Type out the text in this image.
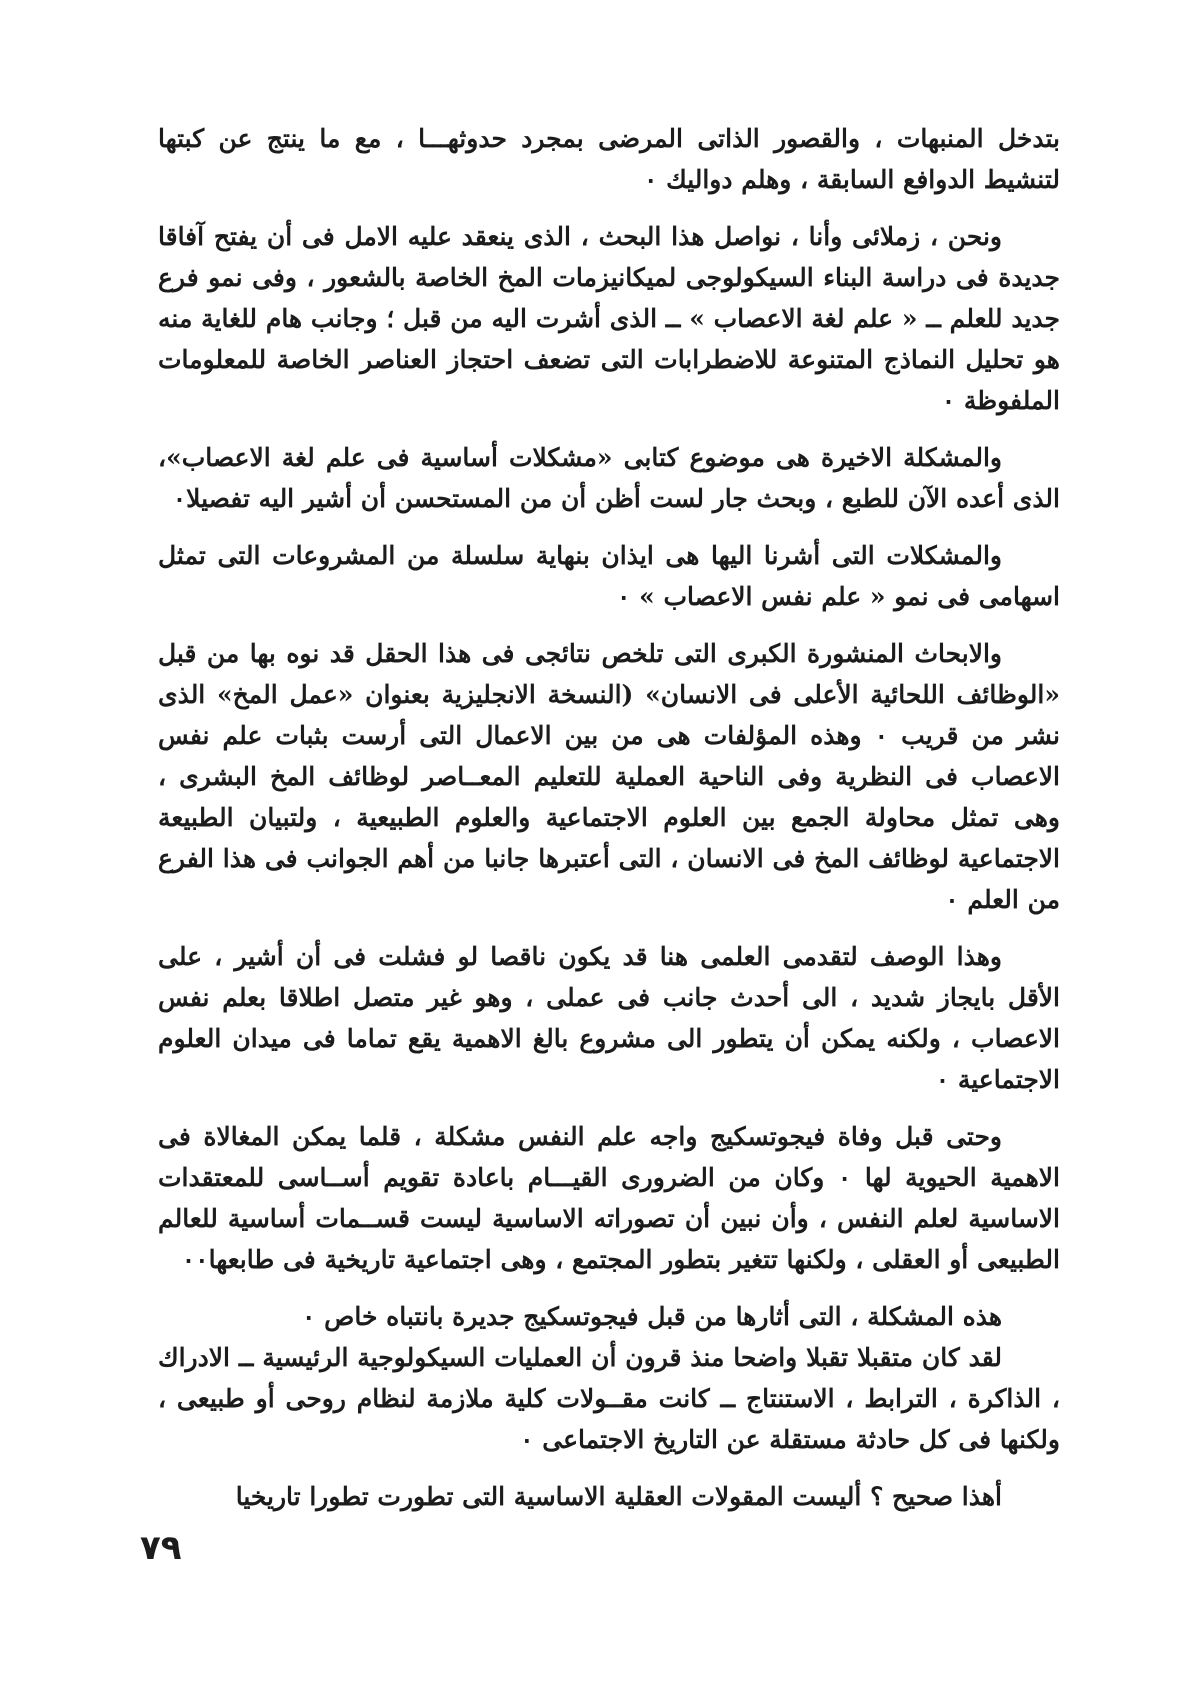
بتدخل المنبهات ، والقصور الذاتى المرضى بمجرد حدوثهـــا ، مع ما ينتج عن كبتها لتنشيط الدوافع السابقة ، وهلم دواليك ٠

ونحن ، زملائى وأنا ، نواصل هذا البحث ، الذى ينعقد عليه الامل فى أن يفتح آفاقا جديدة فى دراسة البناء السيكولوجى لميكانيزمات المخ الخاصة بالشعور ، وفى نمو فرع جديد للعلم ــ « علم لغة الاعصاب » ــ الذى أشرت اليه من قبل ؛ وجانب هام للغاية منه هو تحليل النماذج المتنوعة للاضطرابات التى تضعف احتجاز العناصر الخاصة للمعلومات الملفوظة ٠

والمشكلة الاخيرة هى موضوع كتابى «مشكلات أساسية فى علم لغة الاعصاب»، الذى أعده الآن للطبع ، وبحث جار لست أظن أن من المستحسن أن أشير اليه تفصيلا٠

والمشكلات التى أشرنا اليها هى ايذان بنهاية سلسلة من المشروعات التى تمثل اسهامى فى نمو « علم نفس الاعصاب » ٠

والابحاث المنشورة الكبرى التى تلخص نتائجى فى هذا الحقل قد نوه بها من قبل «الوظائف اللحائية الأعلى فى الانسان» (النسخة الانجليزية بعنوان «عمل المخ» الذى نشر من قريب ٠ وهذه المؤلفات هى من بين الاعمال التى أرست بثبات علم نفس الاعصاب فى النظرية وفى الناحية العملية للتعليم المعــاصر لوظائف المخ البشرى ، وهى تمثل محاولة الجمع بين العلوم الاجتماعية والعلوم الطبيعية ، ولتبيان الطبيعة الاجتماعية لوظائف المخ فى الانسان ، التى أعتبرها جانبا من أهم الجوانب فى هذا الفرع من العلم ٠

وهذا الوصف لتقدمى العلمى هنا قد يكون ناقصا لو فشلت فى أن أشير ، على الأقل بايجاز شديد ، الى أحدث جانب فى عملى ، وهو غير متصل اطلاقا بعلم نفس الاعصاب ، ولكنه يمكن أن يتطور الى مشروع بالغ الاهمية يقع تماما فى ميدان العلوم الاجتماعية ٠

وحتى قبل وفاة فيجوتسكيج واجه علم النفس مشكلة ، قلما يمكن المغالاة فى الاهمية الحيوية لها ٠ وكان من الضرورى القيـــام باعادة تقويم أســاسى للمعتقدات الاساسية لعلم النفس ، وأن نبين أن تصوراته الاساسية ليست قســمات أساسية للعالم الطبيعى أو العقلى ، ولكنها تتغير بتطور المجتمع ، وهى اجتماعية تاريخية فى طابعها٠٠

هذه المشكلة ، التى أثارها من قبل فيجوتسكيج جديرة بانتباه خاص ٠

لقد كان متقبلا تقبلا واضحا منذ قرون أن العمليات السيكولوجية الرئيسية ــ الادراك ، الذاكرة ، الترابط ، الاستنتاج ــ كانت مقــولات كلية ملازمة لنظام روحى أو طبيعى ، ولكنها فى كل حادثة مستقلة عن التاريخ الاجتماعى ٠

أهذا صحيح ؟ أليست المقولات العقلية الاساسية التى تطورت تطورا تاريخيا

٧٩
